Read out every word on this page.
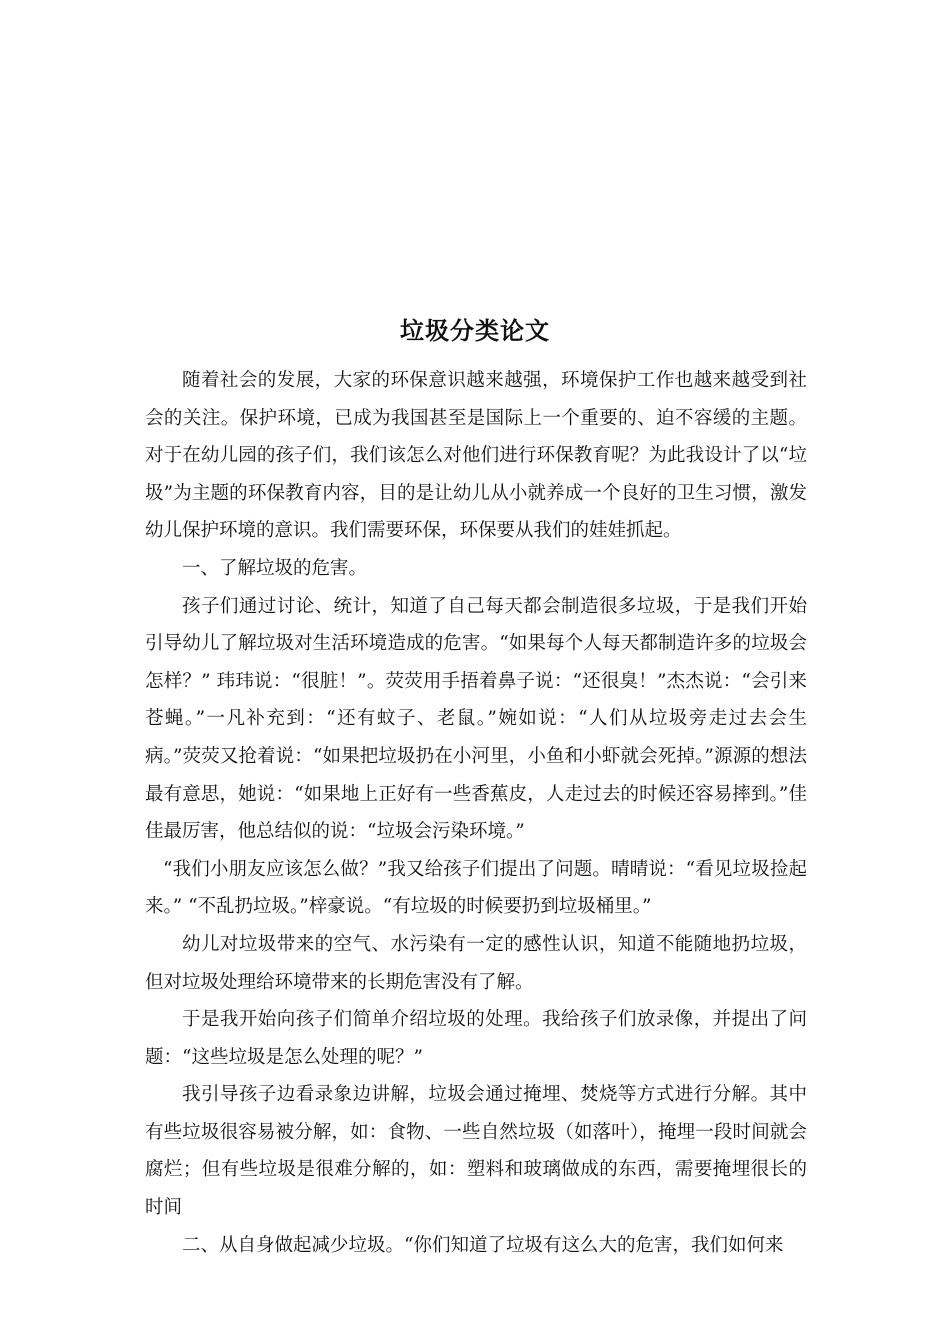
垃圾分类论文

随着社会的发展，大家的环保意识越来越强，环境保护工作也越来越受到社会的关注。保护环境，已成为我国甚至是国际上一个重要的、迫不容缓的主题。对于在幼儿园的孩子们，我们该怎么对他们进行环保教育呢？为此我设计了以“垃圾”为主题的环保教育内容，目的是让幼儿从小就养成一个良好的卫生习惯，激发幼儿保护环境的意识。我们需要环保，环保要从我们的娃娃抓起。

一、了解垃圾的危害。

孩子们通过讨论、统计，知道了自己每天都会制造很多垃圾，于是我们开始引导幼儿了解垃圾对生活环境造成的危害。“如果每个人每天都制造许多的垃圾会怎样？” 玮玮说：“很脏！”。荧荧用手捂着鼻子说：“还很臭！”杰杰说：“会引来苍蝇。”一凡补充到：“还有蚊子、老鼠。”婉如说：“人们从垃圾旁走过去会生病。”荧荧又抢着说：“如果把垃圾扔在小河里，小鱼和小虾就会死掉。”源源的想法最有意思，她说：“如果地上正好有一些香蕉皮，人走过去的时候还容易摔到。”佳佳最厉害，他总结似的说：“垃圾会污染环境。”

“我们小朋友应该怎么做？”我又给孩子们提出了问题。晴晴说：“看见垃圾捡起来。” “不乱扔垃圾。”梓豪说。“有垃圾的时候要扔到垃圾桶里。”

幼儿对垃圾带来的空气、水污染有一定的感性认识，知道不能随地扔垃圾，但对垃圾处理给环境带来的长期危害没有了解。

于是我开始向孩子们简单介绍垃圾的处理。我给孩子们放录像，并提出了问题：“这些垃圾是怎么处理的呢？”

我引导孩子边看录象边讲解，垃圾会通过掩埋、焚烧等方式进行分解。其中有些垃圾很容易被分解，如：食物、一些自然垃圾（如落叶），掩埋一段时间就会腐烂；但有些垃圾是很难分解的，如：塑料和玻璃做成的东西，需要掩埋很长的时间

二、从自身做起减少垃圾。“你们知道了垃圾有这么大的危害，我们如何来
